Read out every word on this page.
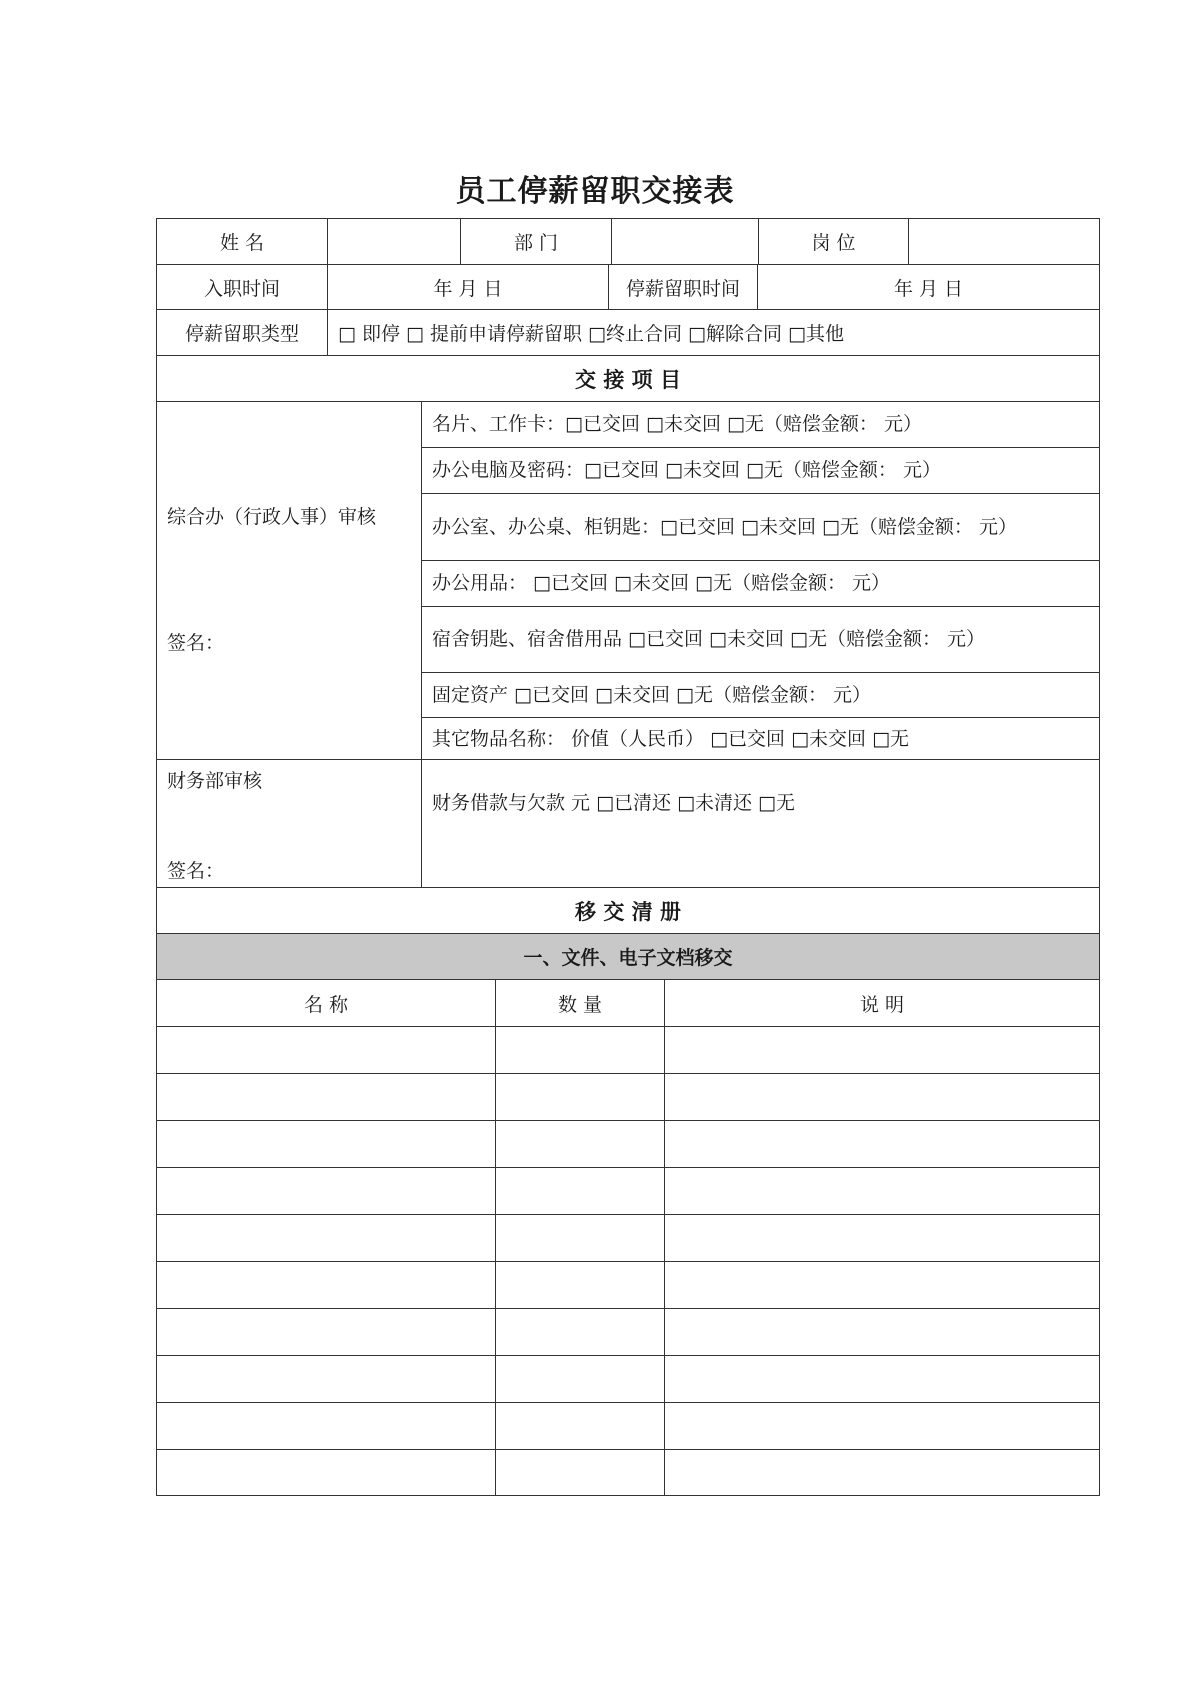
员工停薪留职交接表
姓 名	部 门	岗 位
入职时间	年 月 日	停薪留职时间	年 月 日
停薪留职类型	□ 即停 □ 提前申请停薪留职 □终止合同 □解除合同 □其他
交 接 项 目
综合办（行政人事）审核
签名：
名片、工作卡：□已交回 □未交回 □无（赔偿金额： 元）
办公电脑及密码：□已交回 □未交回 □无（赔偿金额： 元）
办公室、办公桌、柜钥匙：□已交回 □未交回 □无（赔偿金额： 元）
办公用品： □已交回 □未交回 □无（赔偿金额： 元）
宿舍钥匙、宿舍借用品 □已交回 □未交回 □无（赔偿金额： 元）
固定资产 □已交回 □未交回 □无（赔偿金额： 元）
其它物品名称： 价值（人民币） □已交回 □未交回 □无
财务部审核
签名：
财务借款与欠款 元 □已清还 □未清还 □无
移 交 清 册
一、文件、电子文档移交
名 称	数 量	说 明
